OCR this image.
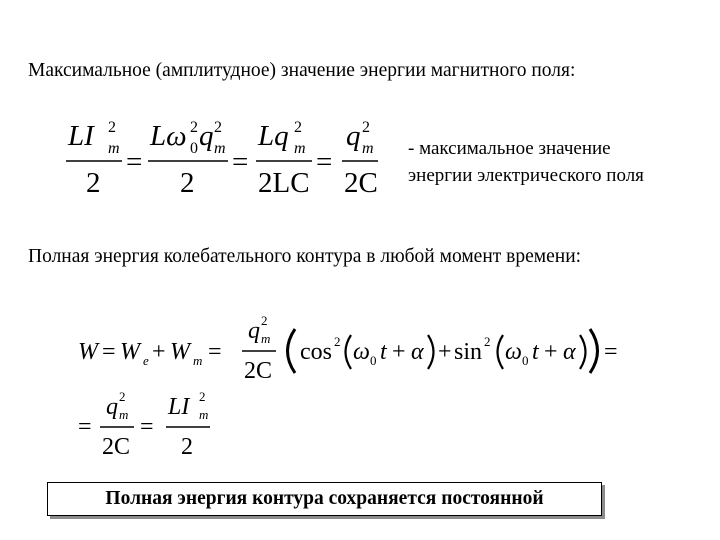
Максимальное (амплитудное) значение энергии магнитного поля:
LI 2
m
2
=
Lω 2
0 q 2
m
2
=
Lq 2
m
2LC
=
q 2
m
2C
- максимальное значение
энергии электрического поля
Полная энергия колебательного контура в любой момент времени:
W = W e + W m =
q 2
m
2C
cos 2 ω 0 t + α + sin 2 ω 0 t + α =
=
q 2
m
2C
=
LI 2
m
2
Полная энергия контура сохраняется постоянной
